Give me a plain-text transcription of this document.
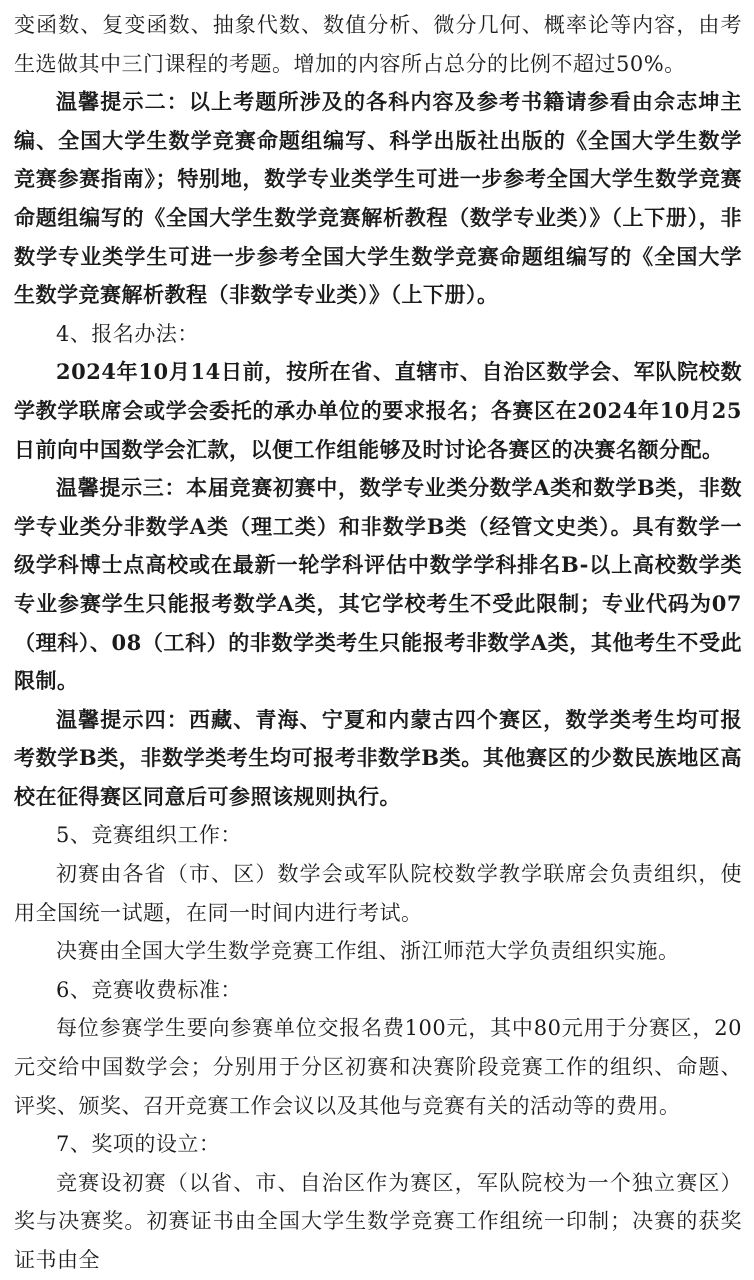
变函数、复变函数、抽象代数、数值分析、微分几何、概率论等内容，由考生选做其中三门课程的考题。增加的内容所占总分的比例不超过50%。

温馨提示二：以上考题所涉及的各科内容及参考书籍请参看由佘志坤主编、全国大学生数学竞赛命题组编写、科学出版社出版的《全国大学生数学竞赛参赛指南》；特别地，数学专业类学生可进一步参考全国大学生数学竞赛命题组编写的《全国大学生数学竞赛解析教程（数学专业类）》（上下册），非数学专业类学生可进一步参考全国大学生数学竞赛命题组编写的《全国大学生数学竞赛解析教程（非数学专业类）》（上下册）。

4、报名办法：

2024年10月14日前，按所在省、直辖市、自治区数学会、军队院校数学教学联席会或学会委托的承办单位的要求报名；各赛区在2024年10月25日前向中国数学会汇款，以便工作组能够及时讨论各赛区的决赛名额分配。

温馨提示三：本届竞赛初赛中，数学专业类分数学A类和数学B类，非数学专业类分非数学A类（理工类）和非数学B类（经管文史类）。具有数学一级学科博士点高校或在最新一轮学科评估中数学学科排名B-以上高校数学类专业参赛学生只能报考数学A类，其它学校考生不受此限制；专业代码为07（理科）、08（工科）的非数学类考生只能报考非数学A类，其他考生不受此限制。

温馨提示四：西藏、青海、宁夏和内蒙古四个赛区，数学类考生均可报考数学B类，非数学类考生均可报考非数学B类。其他赛区的少数民族地区高校在征得赛区同意后可参照该规则执行。

5、竞赛组织工作：

初赛由各省（市、区）数学会或军队院校数学教学联席会负责组织，使用全国统一试题，在同一时间内进行考试。

决赛由全国大学生数学竞赛工作组、浙江师范大学负责组织实施。

6、竞赛收费标准：

每位参赛学生要向参赛单位交报名费100元，其中80元用于分赛区，20元交给中国数学会；分别用于分区初赛和决赛阶段竞赛工作的组织、命题、评奖、颁奖、召开竞赛工作会议以及其他与竞赛有关的活动等的费用。

7、奖项的设立：

竞赛设初赛（以省、市、自治区作为赛区，军队院校为一个独立赛区）奖与决赛奖。初赛证书由全国大学生数学竞赛工作组统一印制；决赛的获奖证书由全
